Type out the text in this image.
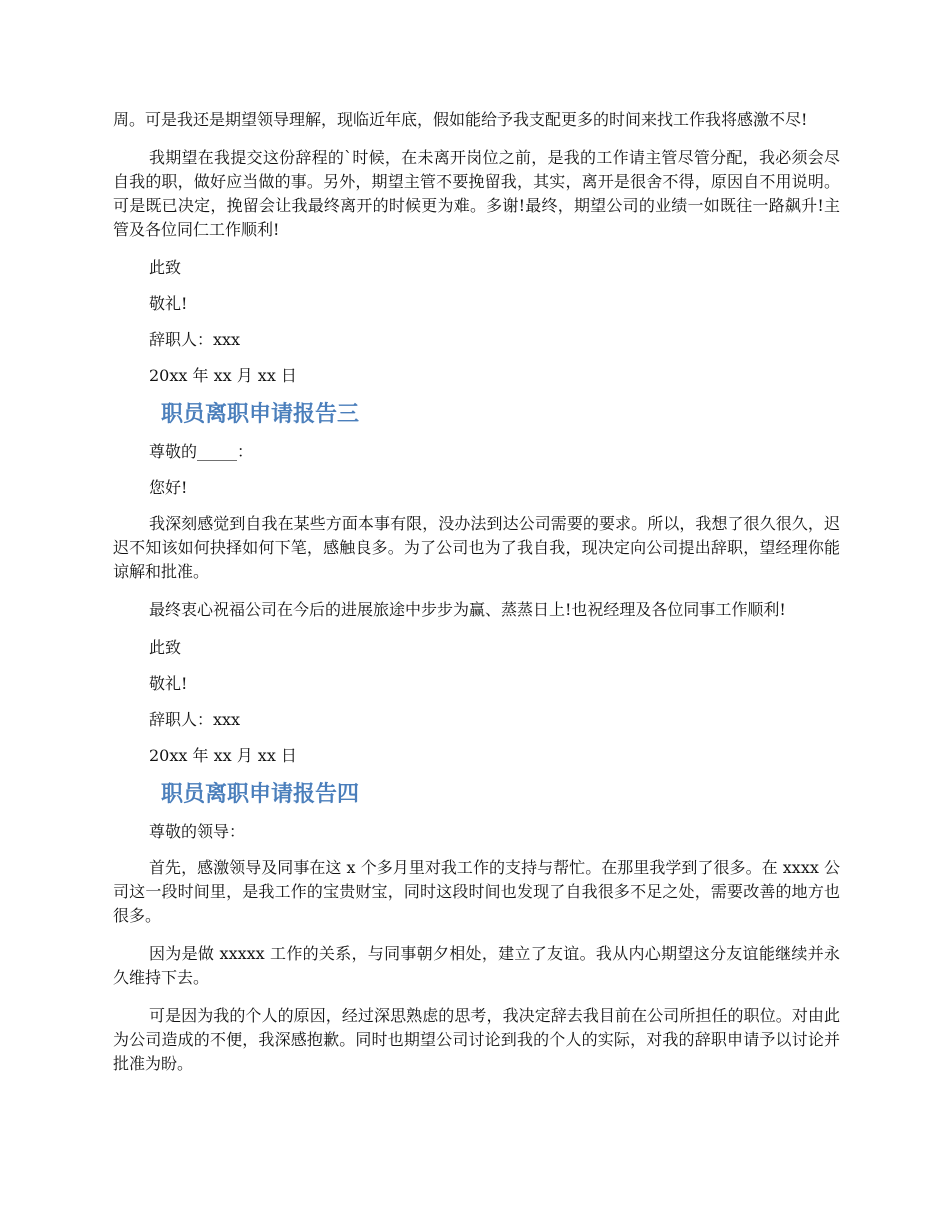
周。可是我还是期望领导理解，现临近年底，假如能给予我支配更多的时间来找工作我将感激不尽!

我期望在我提交这份辞程的`时候，在未离开岗位之前，是我的工作请主管尽管分配，我必须会尽自我的职，做好应当做的事。另外，期望主管不要挽留我，其实，离开是很舍不得，原因自不用说明。可是既已决定，挽留会让我最终离开的时候更为难。多谢!最终，期望公司的业绩一如既往一路飙升!主管及各位同仁工作顺利!

此致
敬礼!
辞职人：xxx
20xx 年 xx 月 xx 日
职员离职申请报告三
尊敬的_____：
您好!

我深刻感觉到自我在某些方面本事有限，没办法到达公司需要的要求。所以，我想了很久很久，迟迟不知该如何抉择如何下笔，感触良多。为了公司也为了我自我，现决定向公司提出辞职，望经理你能谅解和批准。

最终衷心祝福公司在今后的进展旅途中步步为赢、蒸蒸日上!也祝经理及各位同事工作顺利!

此致
敬礼!
辞职人：xxx
20xx 年 xx 月 xx 日
职员离职申请报告四
尊敬的领导：

首先，感激领导及同事在这 x 个多月里对我工作的支持与帮忙。在那里我学到了很多。在 xxxx 公司这一段时间里，是我工作的宝贵财宝，同时这段时间也发现了自我很多不足之处，需要改善的地方也很多。

因为是做 xxxxx 工作的关系，与同事朝夕相处，建立了友谊。我从内心期望这分友谊能继续并永久维持下去。

可是因为我的个人的原因，经过深思熟虑的思考，我决定辞去我目前在公司所担任的职位。对由此为公司造成的不便，我深感抱歉。同时也期望公司讨论到我的个人的实际，对我的辞职申请予以讨论并批准为盼。
